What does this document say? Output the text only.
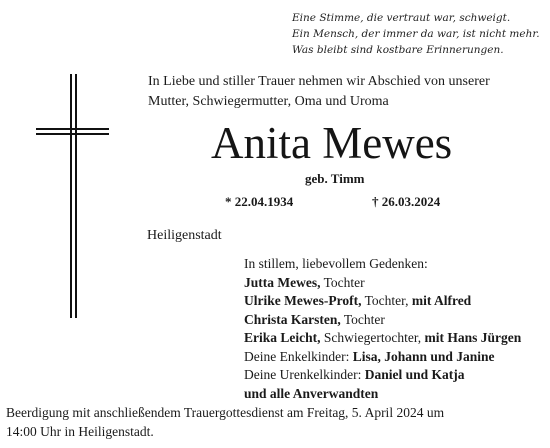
Eine Stimme, die vertraut war, schweigt.
Ein Mensch, der immer da war, ist nicht mehr.
Was bleibt sind kostbare Erinnerungen.
In Liebe und stiller Trauer nehmen wir Abschied von unserer
Mutter, Schwiegermutter, Oma und Uroma
Anita Mewes
geb. Timm
* 22.04.1934	† 26.03.2024
Heiligenstadt
In stillem, liebevollem Gedenken:
Jutta Mewes, Tochter
Ulrike Mewes-Proft, Tochter, mit Alfred
Christa Karsten, Tochter
Erika Leicht, Schwiegertochter, mit Hans Jürgen
Deine Enkelkinder: Lisa, Johann und Janine
Deine Urenkelkinder: Daniel und Katja
und alle Anverwandten
Beerdigung mit anschließendem Trauergottesdienst am Freitag, 5. April 2024 um
14:00 Uhr in Heiligenstadt.
